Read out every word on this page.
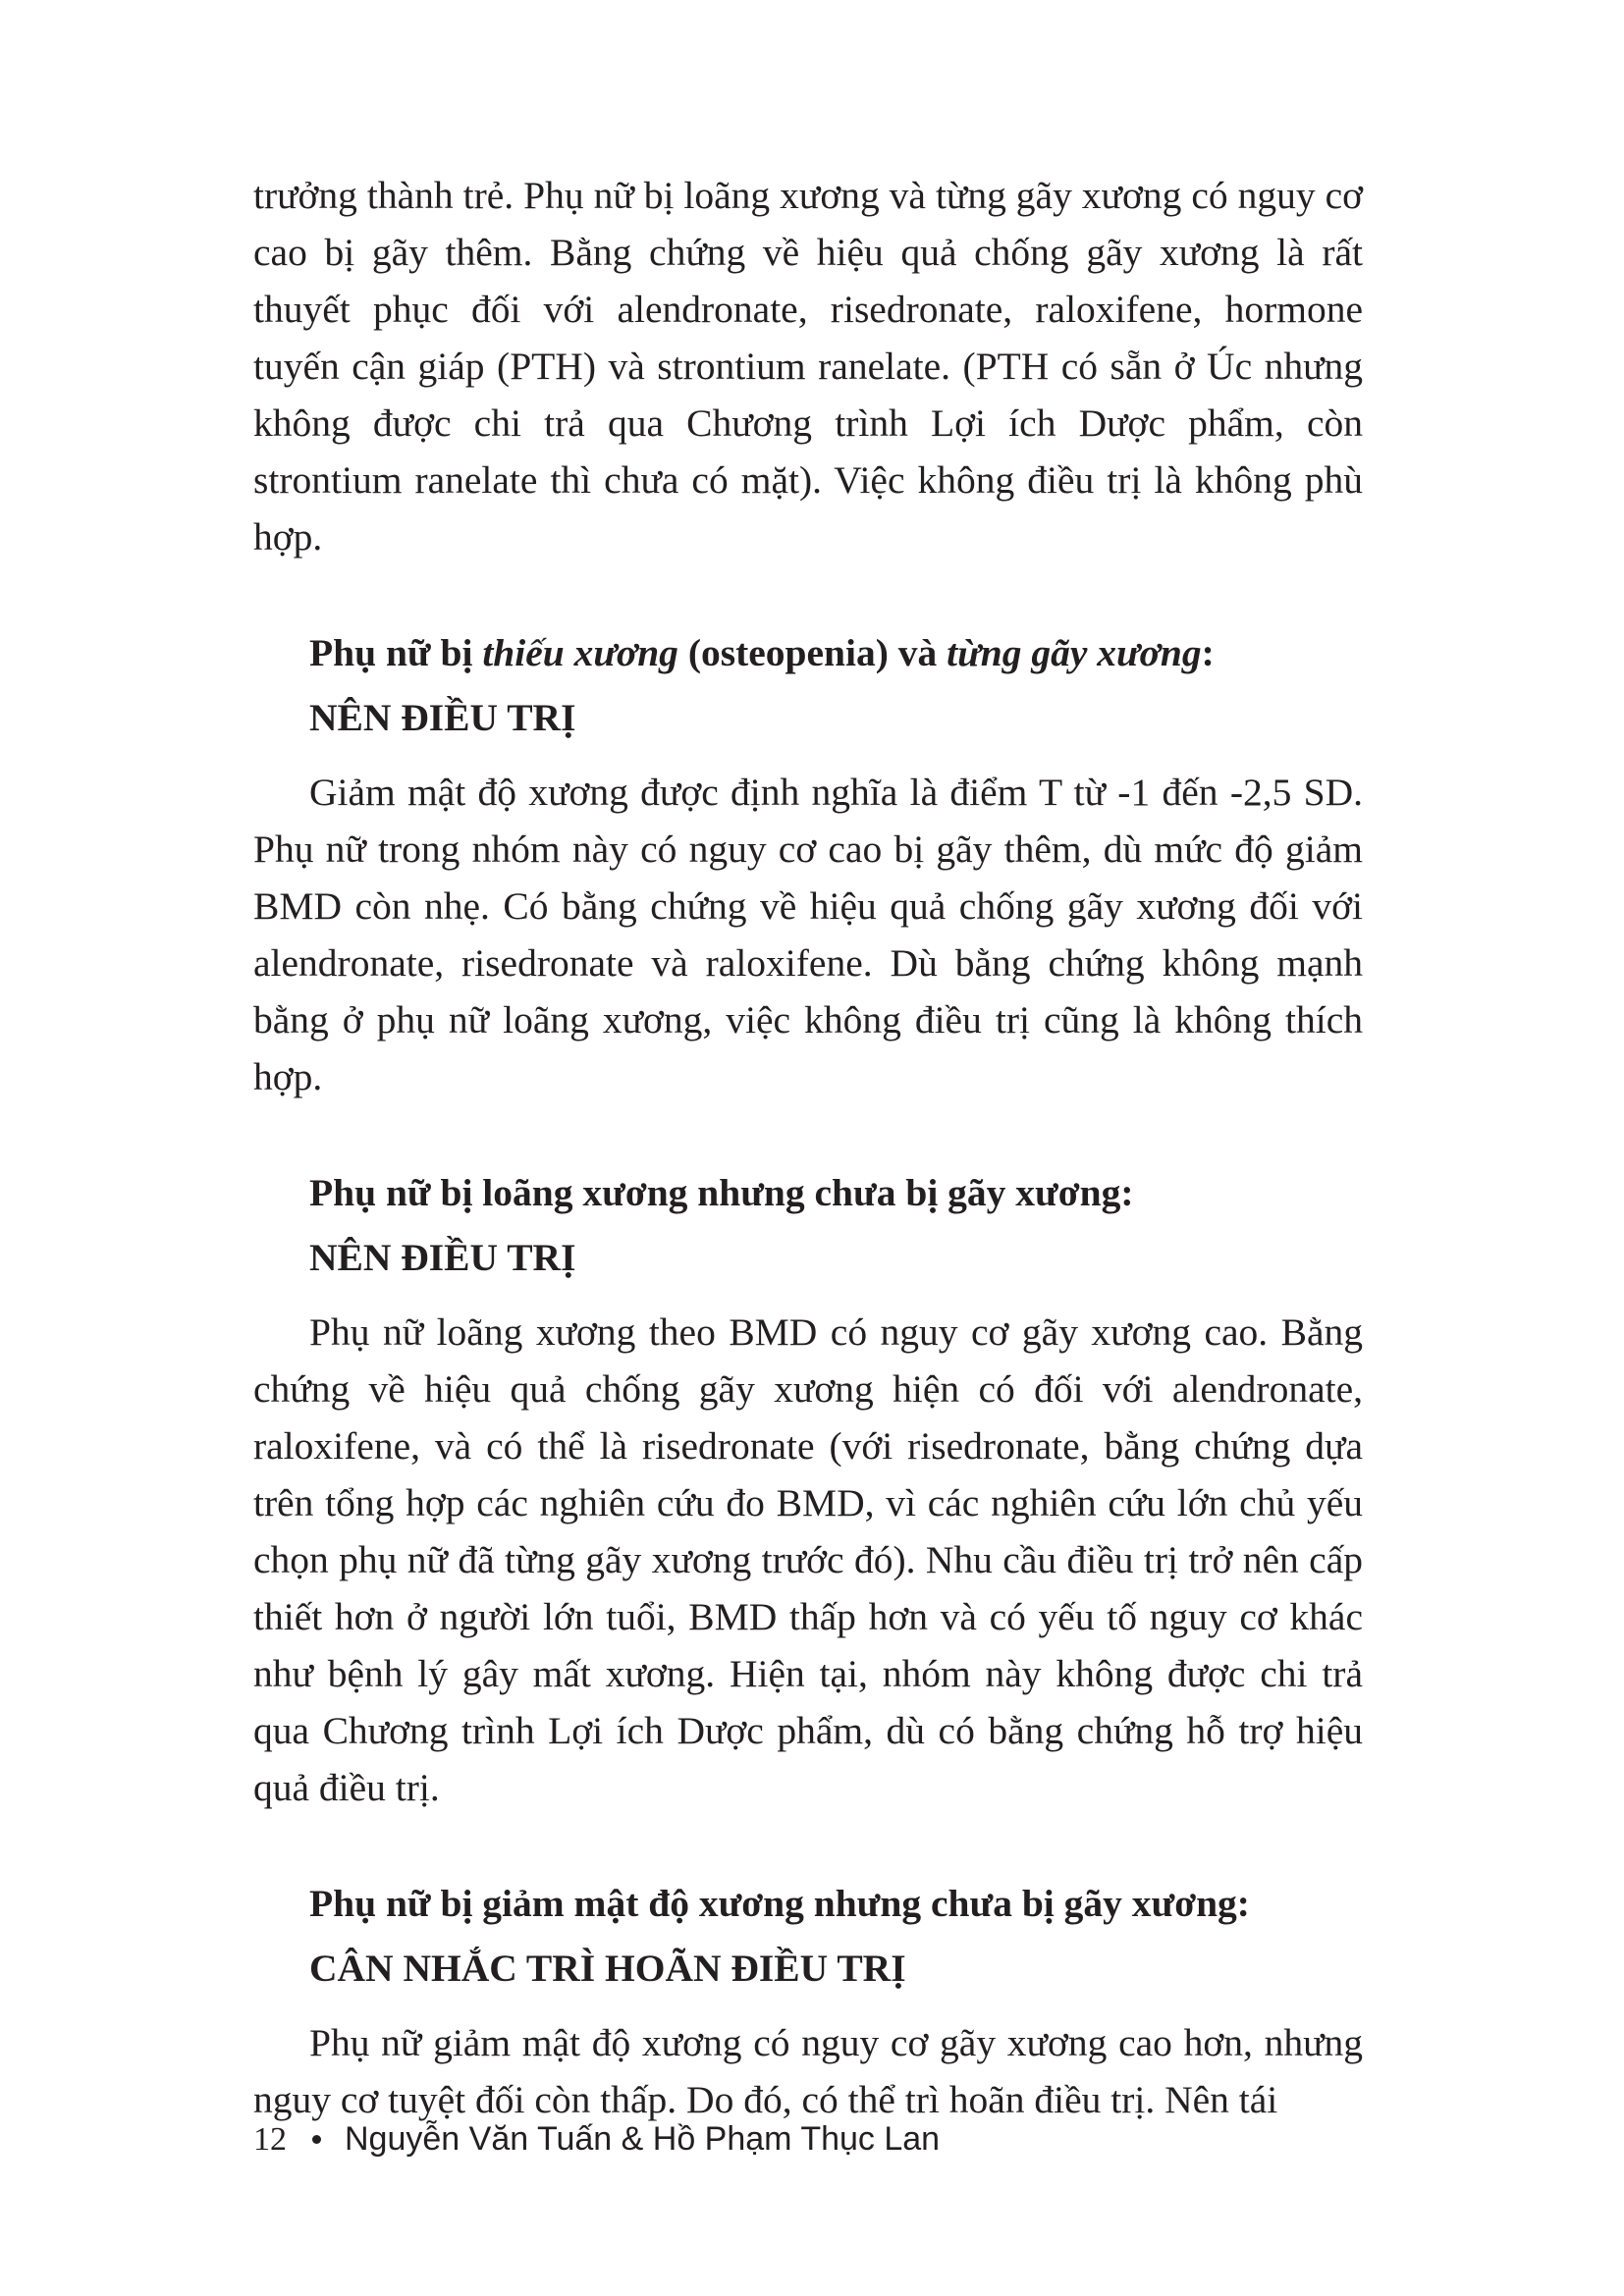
trưởng thành trẻ. Phụ nữ bị loãng xương và từng gãy xương có nguy cơ cao bị gãy thêm. Bằng chứng về hiệu quả chống gãy xương là rất thuyết phục đối với alendronate, risedronate, raloxifene, hormone tuyến cận giáp (PTH) và strontium ranelate. (PTH có sẵn ở Úc nhưng không được chi trả qua Chương trình Lợi ích Dược phẩm, còn strontium ranelate thì chưa có mặt). Việc không điều trị là không phù hợp.

Phụ nữ bị thiếu xương (osteopenia) và từng gãy xương:
NÊN ĐIỀU TRỊ

Giảm mật độ xương được định nghĩa là điểm T từ -1 đến -2,5 SD. Phụ nữ trong nhóm này có nguy cơ cao bị gãy thêm, dù mức độ giảm BMD còn nhẹ. Có bằng chứng về hiệu quả chống gãy xương đối với alendronate, risedronate và raloxifene. Dù bằng chứng không mạnh bằng ở phụ nữ loãng xương, việc không điều trị cũng là không thích hợp.

Phụ nữ bị loãng xương nhưng chưa bị gãy xương:
NÊN ĐIỀU TRỊ

Phụ nữ loãng xương theo BMD có nguy cơ gãy xương cao. Bằng chứng về hiệu quả chống gãy xương hiện có đối với alendronate, raloxifene, và có thể là risedronate (với risedronate, bằng chứng dựa trên tổng hợp các nghiên cứu đo BMD, vì các nghiên cứu lớn chủ yếu chọn phụ nữ đã từng gãy xương trước đó). Nhu cầu điều trị trở nên cấp thiết hơn ở người lớn tuổi, BMD thấp hơn và có yếu tố nguy cơ khác như bệnh lý gây mất xương. Hiện tại, nhóm này không được chi trả qua Chương trình Lợi ích Dược phẩm, dù có bằng chứng hỗ trợ hiệu quả điều trị.

Phụ nữ bị giảm mật độ xương nhưng chưa bị gãy xương:
CÂN NHẮC TRÌ HOÃN ĐIỀU TRỊ

Phụ nữ giảm mật độ xương có nguy cơ gãy xương cao hơn, nhưng nguy cơ tuyệt đối còn thấp. Do đó, có thể trì hoãn điều trị. Nên tái

12 Nguyễn Văn Tuấn & Hồ Phạm Thục Lan
